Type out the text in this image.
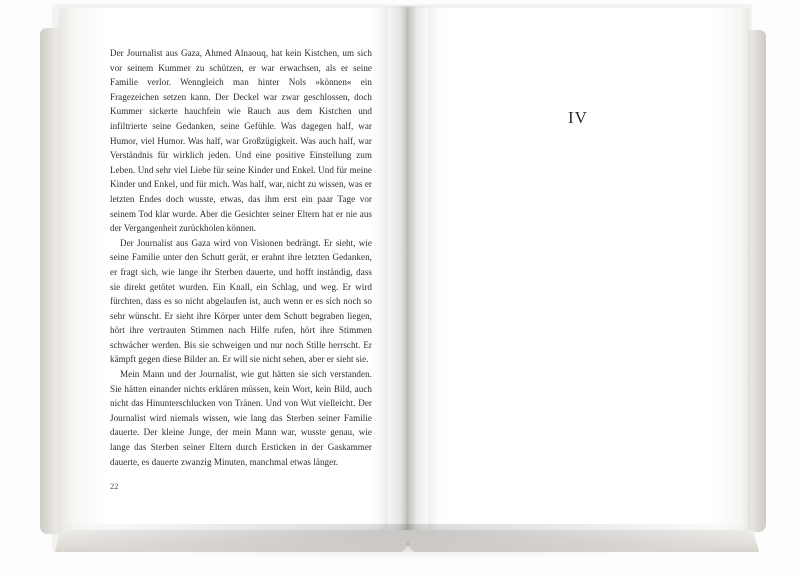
Der Journalist aus Gaza, Ahmed Alnaouq, hat kein Kistchen, um sich vor seinem Kummer zu schützen, er war erwachsen, als er seine Familie verlor. Wenngleich man hinter Nols »können« ein Fragezeichen setzen kann. Der Deckel war zwar geschlossen, doch Kummer sickerte hauchfein wie Rauch aus dem Kistchen und infiltrierte seine Gedanken, seine Gefühle. Was dagegen half, war Humor, viel Humor. Was half, war Großzügigkeit. Was auch half, war Verständnis für wirklich jeden. Und eine positive Einstellung zum Leben. Und sehr viel Liebe für seine Kinder und Enkel. Und für meine Kinder und Enkel, und für mich. Was half, war, nicht zu wissen, was er letzten Endes doch wusste, etwas, das ihm erst ein paar Tage vor seinem Tod klar wurde. Aber die Gesichter seiner Eltern hat er nie aus der Vergangenheit zurückholen können.

Der Journalist aus Gaza wird von Visionen bedrängt. Er sieht, wie seine Familie unter den Schutt gerät, er erahnt ihre letzten Gedanken, er fragt sich, wie lange ihr Sterben dauerte, und hofft inständig, dass sie direkt getötet wurden. Ein Knall, ein Schlag, und weg. Er wird fürchten, dass es so nicht abgelaufen ist, auch wenn er es sich noch so sehr wünscht. Er sieht ihre Körper unter dem Schutt begraben liegen, hört ihre vertrauten Stimmen nach Hilfe rufen, hört ihre Stimmen schwächer werden. Bis sie schweigen und nur noch Stille herrscht. Er kämpft gegen diese Bilder an. Er will sie nicht sehen, aber er sieht sie.

Mein Mann und der Journalist, wie gut hätten sie sich verstanden. Sie hätten einander nichts erklären müssen, kein Wort, kein Bild, auch nicht das Hinunterschlucken von Tränen. Und von Wut vielleicht. Der Journalist wird niemals wissen, wie lang das Sterben seiner Familie dauerte. Der kleine Junge, der mein Mann war, wusste genau, wie lange das Sterben seiner Eltern durch Ersticken in der Gaskammer dauerte, es dauerte zwanzig Minuten, manchmal etwas länger.

22
IV
